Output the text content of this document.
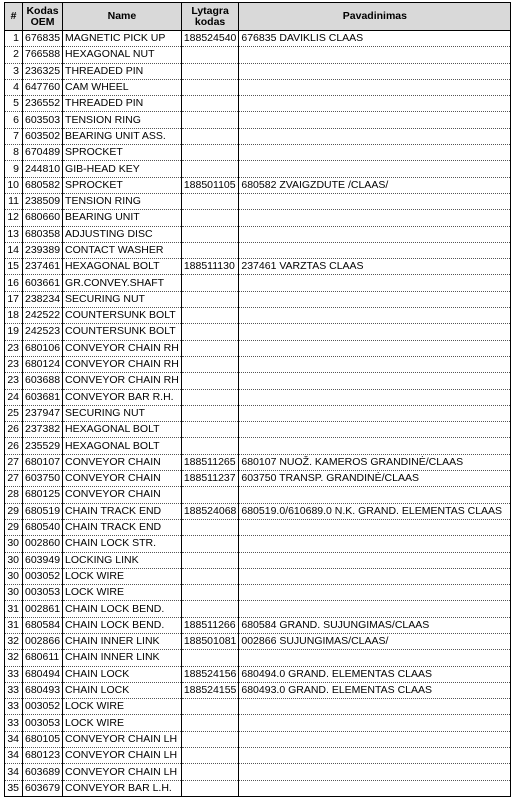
#	Kodas OEM	Name	Lytagra kodas	Pavadinimas
1	676835	MAGNETIC PICK UP	188524540	676835 DAVIKLIS CLAAS
2	766588	HEXAGONAL NUT		
3	236325	THREADED PIN		
4	647760	CAM WHEEL		
5	236552	THREADED PIN		
6	603503	TENSION RING		
7	603502	BEARING UNIT ASS.		
8	670489	SPROCKET		
9	244810	GIB-HEAD KEY		
10	680582	SPROCKET	188501105	680582 ZVAIGZDUTE /CLAAS/
11	238509	TENSION RING		
12	680660	BEARING UNIT		
13	680358	ADJUSTING DISC		
14	239389	CONTACT WASHER		
15	237461	HEXAGONAL BOLT	188511130	237461 VARZTAS CLAAS
16	603661	GR.CONVEY.SHAFT		
17	238234	SECURING NUT		
18	242522	COUNTERSUNK BOLT		
19	242523	COUNTERSUNK BOLT		
23	680106	CONVEYOR CHAIN RH		
23	680124	CONVEYOR CHAIN RH		
23	603688	CONVEYOR CHAIN RH		
24	603681	CONVEYOR BAR R.H.		
25	237947	SECURING NUT		
26	237382	HEXAGONAL BOLT		
26	235529	HEXAGONAL BOLT		
27	680107	CONVEYOR CHAIN	188511265	680107 NUOŽ. KAMEROS GRANDINĖ/CLAAS
27	603750	CONVEYOR CHAIN	188511237	603750 TRANSP. GRANDINĖ/CLAAS
28	680125	CONVEYOR CHAIN		
29	680519	CHAIN TRACK END	188524068	680519.0/610689.0 N.K. GRAND. ELEMENTAS CLAAS
29	680540	CHAIN TRACK END		
30	002860	CHAIN LOCK STR.		
30	603949	LOCKING LINK		
30	003052	LOCK WIRE		
30	003053	LOCK WIRE		
31	002861	CHAIN LOCK BEND.		
31	680584	CHAIN LOCK BEND.	188511266	680584 GRAND. SUJUNGIMAS/CLAAS
32	002866	CHAIN INNER LINK	188501081	002866 SUJUNGIMAS/CLAAS/
32	680611	CHAIN INNER LINK		
33	680494	CHAIN LOCK	188524156	680494.0 GRAND. ELEMENTAS CLAAS
33	680493	CHAIN LOCK	188524155	680493.0 GRAND. ELEMENTAS CLAAS
33	003052	LOCK WIRE		
33	003053	LOCK WIRE		
34	680105	CONVEYOR CHAIN LH		
34	680123	CONVEYOR CHAIN LH		
34	603689	CONVEYOR CHAIN LH		
35	603679	CONVEYOR BAR L.H.		
